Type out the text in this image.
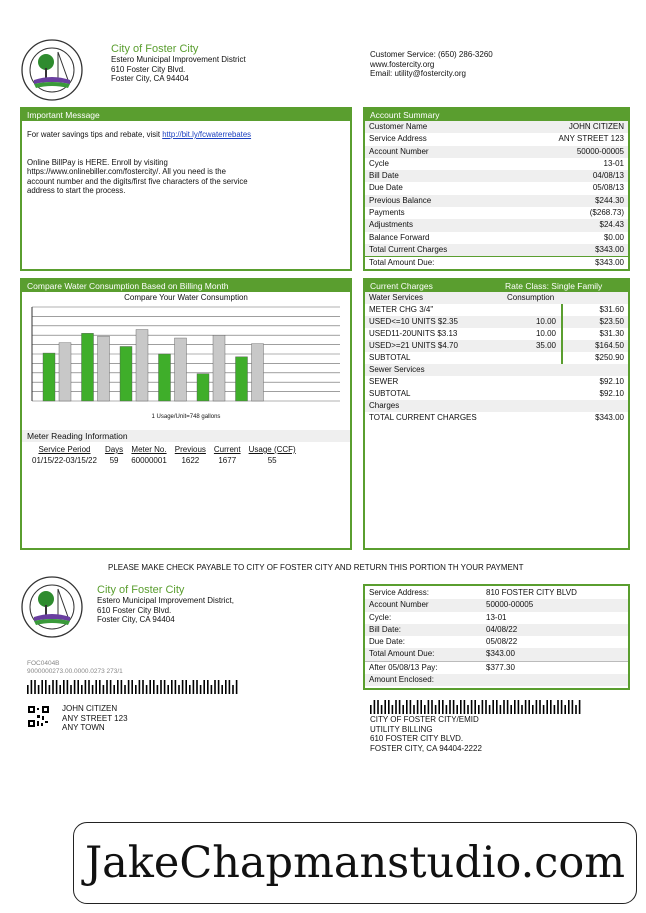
City of Foster City
Estero Municipal Improvement District
610 Foster City Blvd.
Foster City, CA 94404
Customer Service: (650) 286-3260
www.fostercity.org
Email: utility@fostercity.org
Important Message
For water savings tips and rebate, visit http://bit.ly/fcwaterrebates
Online BillPay is HERE. Enroll by visiting
https://www.onlinebiller.com/fostercity/. All you need is the
account number and the digits/first five characters of the service
address to start the process.
Account Summary
Customer Name	JOHN CITIZEN
Service Address	ANY STREET 123
Account Number	50000-00005
Cycle	13-01
Bill Date	04/08/13
Due Date	05/08/13
Previous Balance	$244.30
Payments	($268.73)
Adjustments	$24.43
Balance Forward	$0.00
Total Current Charges	$343.00
Total Amount Due:	$343.00
Compare Water Consumption Based on Billing Month
Compare Your Water Consumption
1 Usage/Unit=748 gallons
Meter Reading Information
Service Period	Days	Meter No.	Previous	Current	Usage (CCF)
01/15/22-03/15/22	59	60000001	1622	1677	55
Current Charges	Rate Class: Single Family
Water Services	Consumption
METER CHG 3/4"	$31.60
USED<=10 UNITS $2.35	10.00	$23.50
USED11-20UNITS $3.13	10.00	$31.30
USED>=21 UNITS $4.70	35.00	$164.50
SUBTOTAL	$250.90
Sewer Services
SEWER	$92.10
SUBTOTAL	$92.10
Charges
TOTAL CURRENT CHARGES	$343.00
PLEASE MAKE CHECK PAYABLE TO CITY OF FOSTER CITY AND RETURN THIS PORTION TH YOUR PAYMENT
City of Foster City
Estero Municipal Improvement District,
610 Foster City Blvd.
Foster City, CA 94404
FOC0404B
9000000273.00.0000.0273 273/1
JOHN CITIZEN
ANY STREET 123
ANY TOWN
Service Address:	810 FOSTER CITY BLVD
Account Number	50000-00005
Cycle:	13-01
Bill Date:	04/08/22
Due Date:	05/08/22
Total Amount Due:	$343.00
After 05/08/13 Pay:	$377.30
Amount Enclosed:
CITY OF FOSTER CITY/EMID
UTILITY BILLING
610 FOSTER CITY BLVD.
FOSTER CITY, CA 94404-2222
JakeChapmanstudio.com
